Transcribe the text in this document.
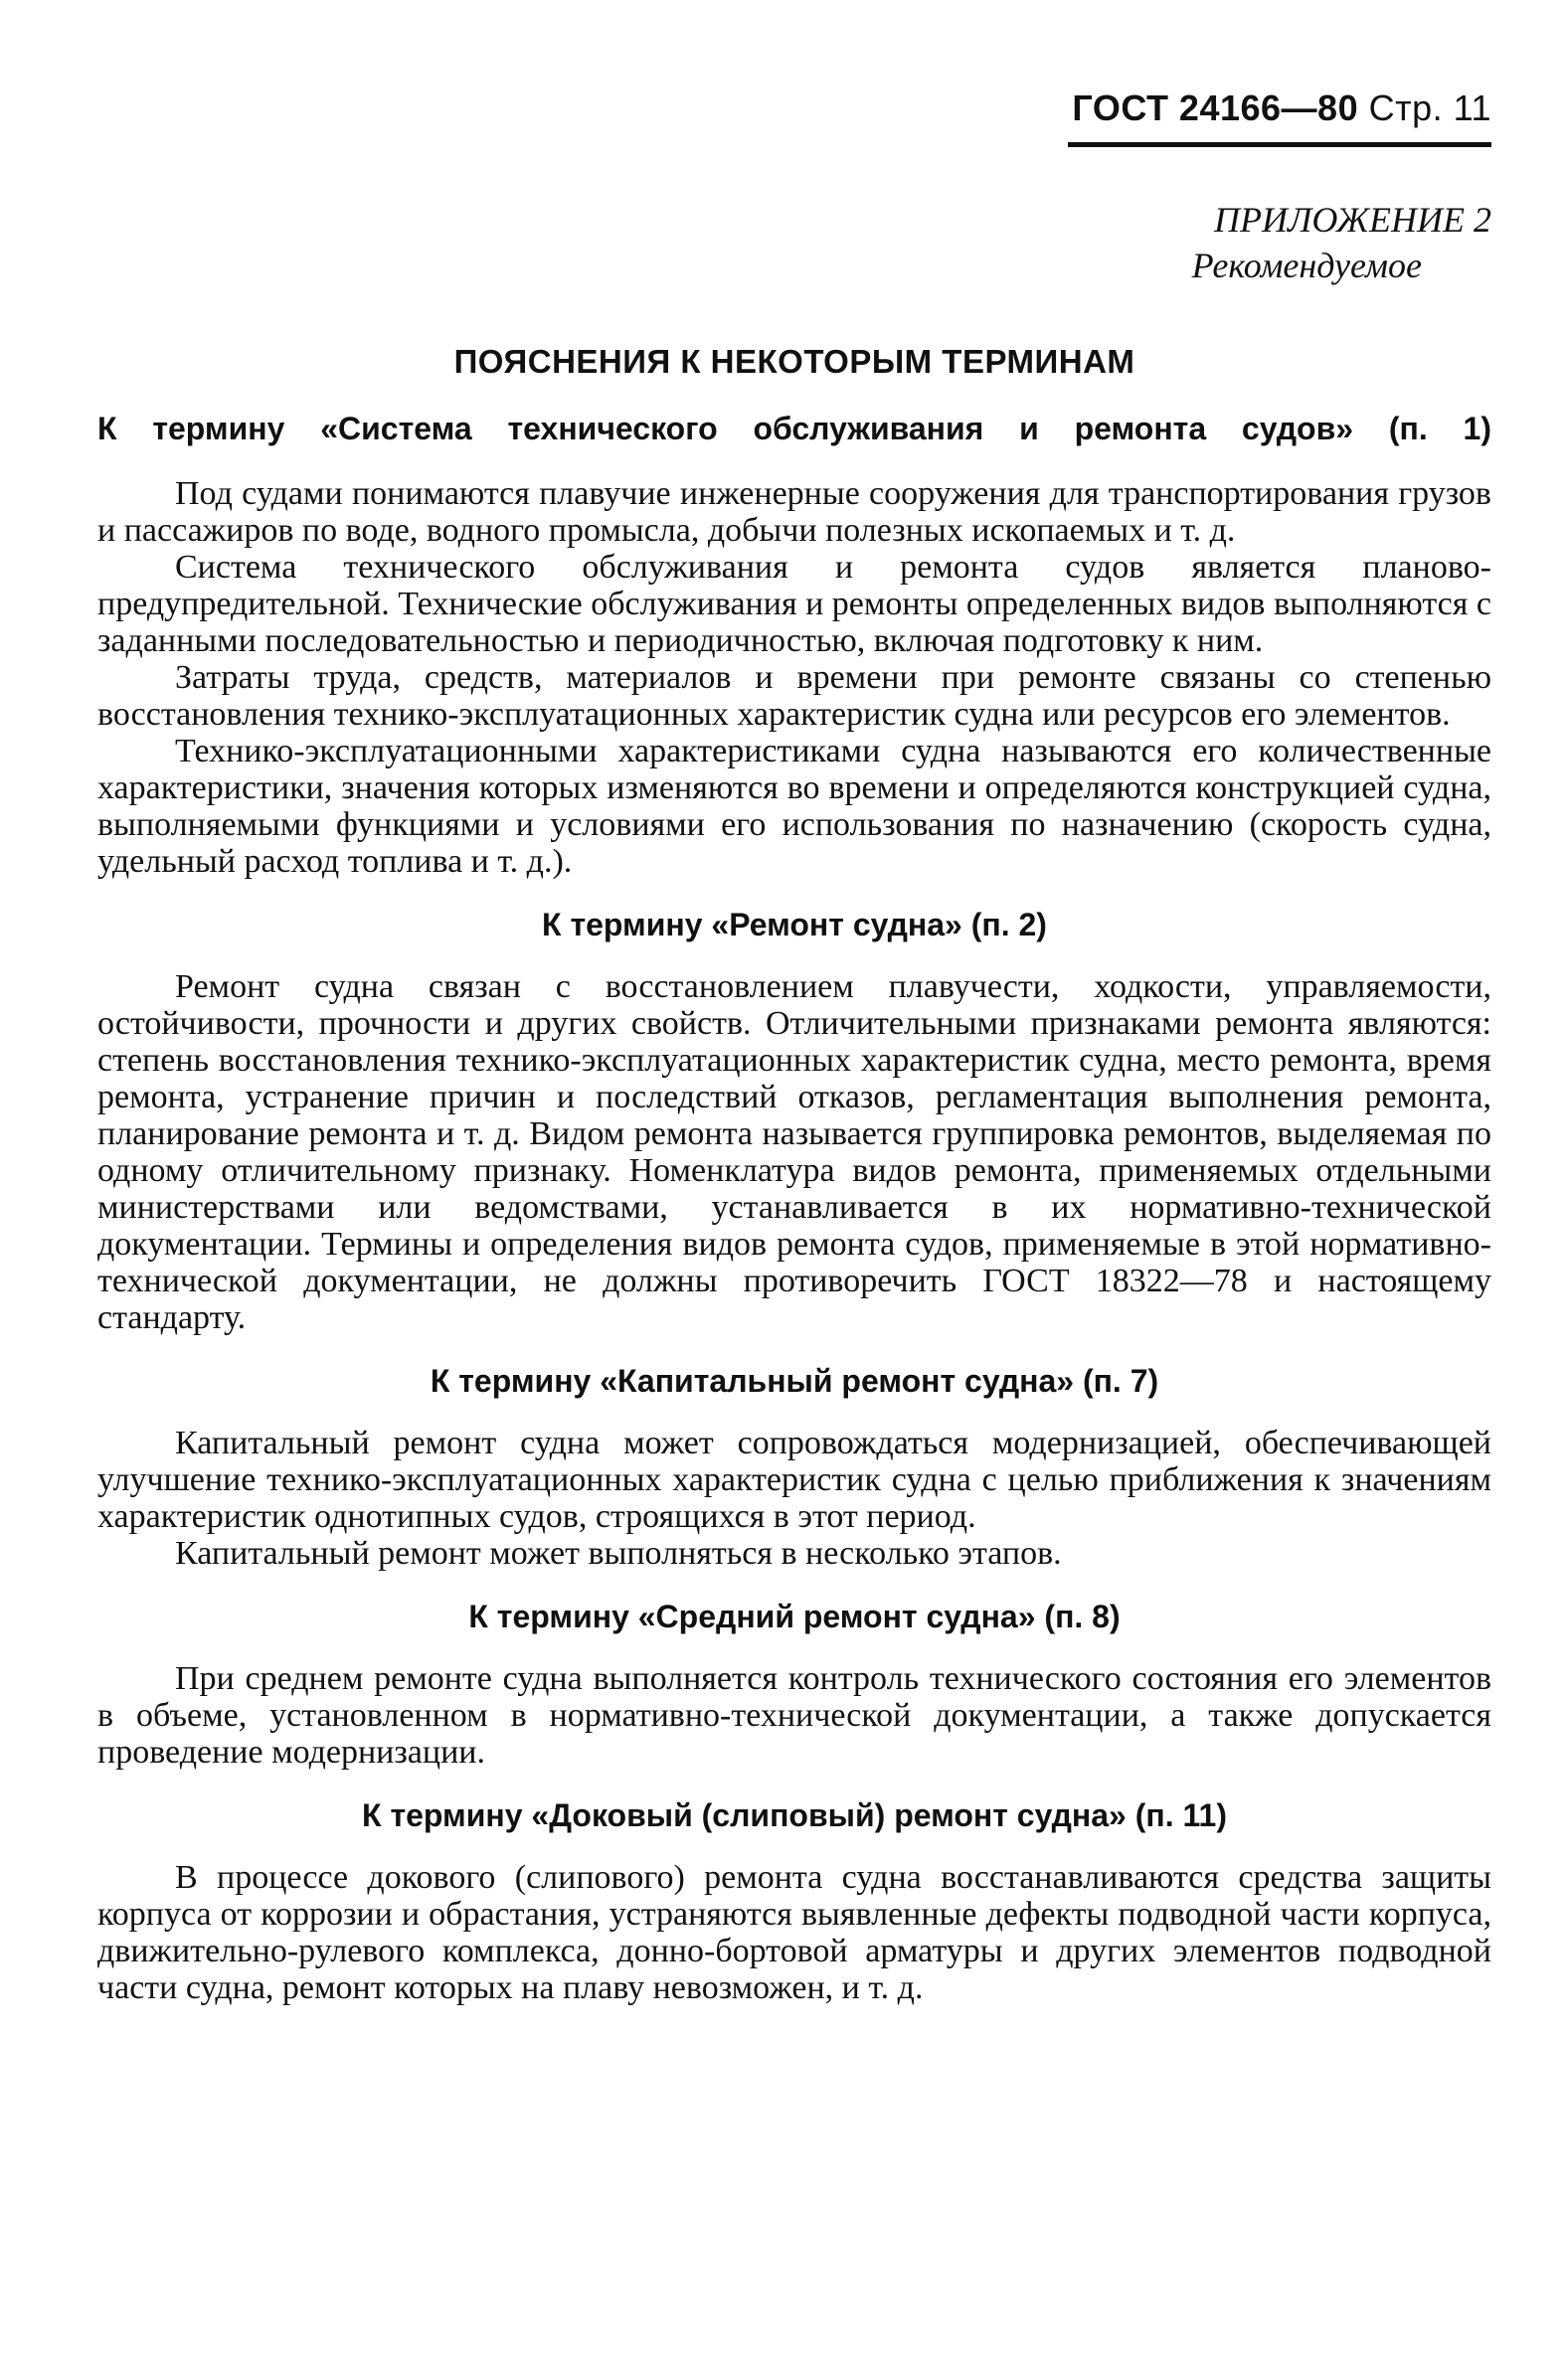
ГОСТ 24166—80 Стр. 11
ПРИЛОЖЕНИЕ 2

Рекомендуемое
ПОЯСНЕНИЯ К НЕКОТОРЫМ ТЕРМИНАМ
К термину «Система технического обслуживания и ремонта судов» (п. 1)

Под судами понимаются плавучие инженерные сооружения для транспортирования грузов и пассажиров по воде, водного промысла, добычи полезных ископаемых и т. д.

Система технического обслуживания и ремонта судов является планово-предупредительной. Технические обслуживания и ремонты определенных видов выполняются с заданными последовательностью и периодичностью, включая подготовку к ним.

Затраты труда, средств, материалов и времени при ремонте связаны со степенью восстановления технико-эксплуатационных характеристик судна или ресурсов его элементов.

Технико-эксплуатационными характеристиками судна называются его количественные характеристики, значения которых изменяются во времени и определяются конструкцией судна, выполняемыми функциями и условиями его использования по назначению (скорость судна, удельный расход топлива и т. д.).

К термину «Ремонт судна» (п. 2)

Ремонт судна связан с восстановлением плавучести, ходкости, управляемости, остойчивости, прочности и других свойств. Отличительными признаками ремонта являются: степень восстановления технико-эксплуатационных характеристик судна, место ремонта, время ремонта, устранение причин и последствий отказов, регламентация выполнения ремонта, планирование ремонта и т. д. Видом ремонта называется группировка ремонтов, выделяемая по одному отличительному признаку. Номенклатура видов ремонта, применяемых отдельными министерствами или ведомствами, устанавливается в их нормативно-технической документации. Термины и определения видов ремонта судов, применяемые в этой нормативно-технической документации, не должны противоречить ГОСТ 18322—78 и настоящему стандарту.

К термину «Капитальный ремонт судна» (п. 7)

Капитальный ремонт судна может сопровождаться модернизацией, обеспечивающей улучшение технико-эксплуатационных характеристик судна с целью приближения к значениям характеристик однотипных судов, строящихся в этот период.

Капитальный ремонт может выполняться в несколько этапов.

К термину «Средний ремонт судна» (п. 8)

При среднем ремонте судна выполняется контроль технического состояния его элементов в объеме, установленном в нормативно-технической документации, а также допускается проведение модернизации.

К термину «Доковый (слиповый) ремонт судна» (п. 11)

В процессе докового (слипового) ремонта судна восстанавливаются средства защиты корпуса от коррозии и обрастания, устраняются выявленные дефекты подводной части корпуса, движительно-рулевого комплекса, донно-бортовой арматуры и других элементов подводной части судна, ремонт которых на плаву невозможен, и т. д.
